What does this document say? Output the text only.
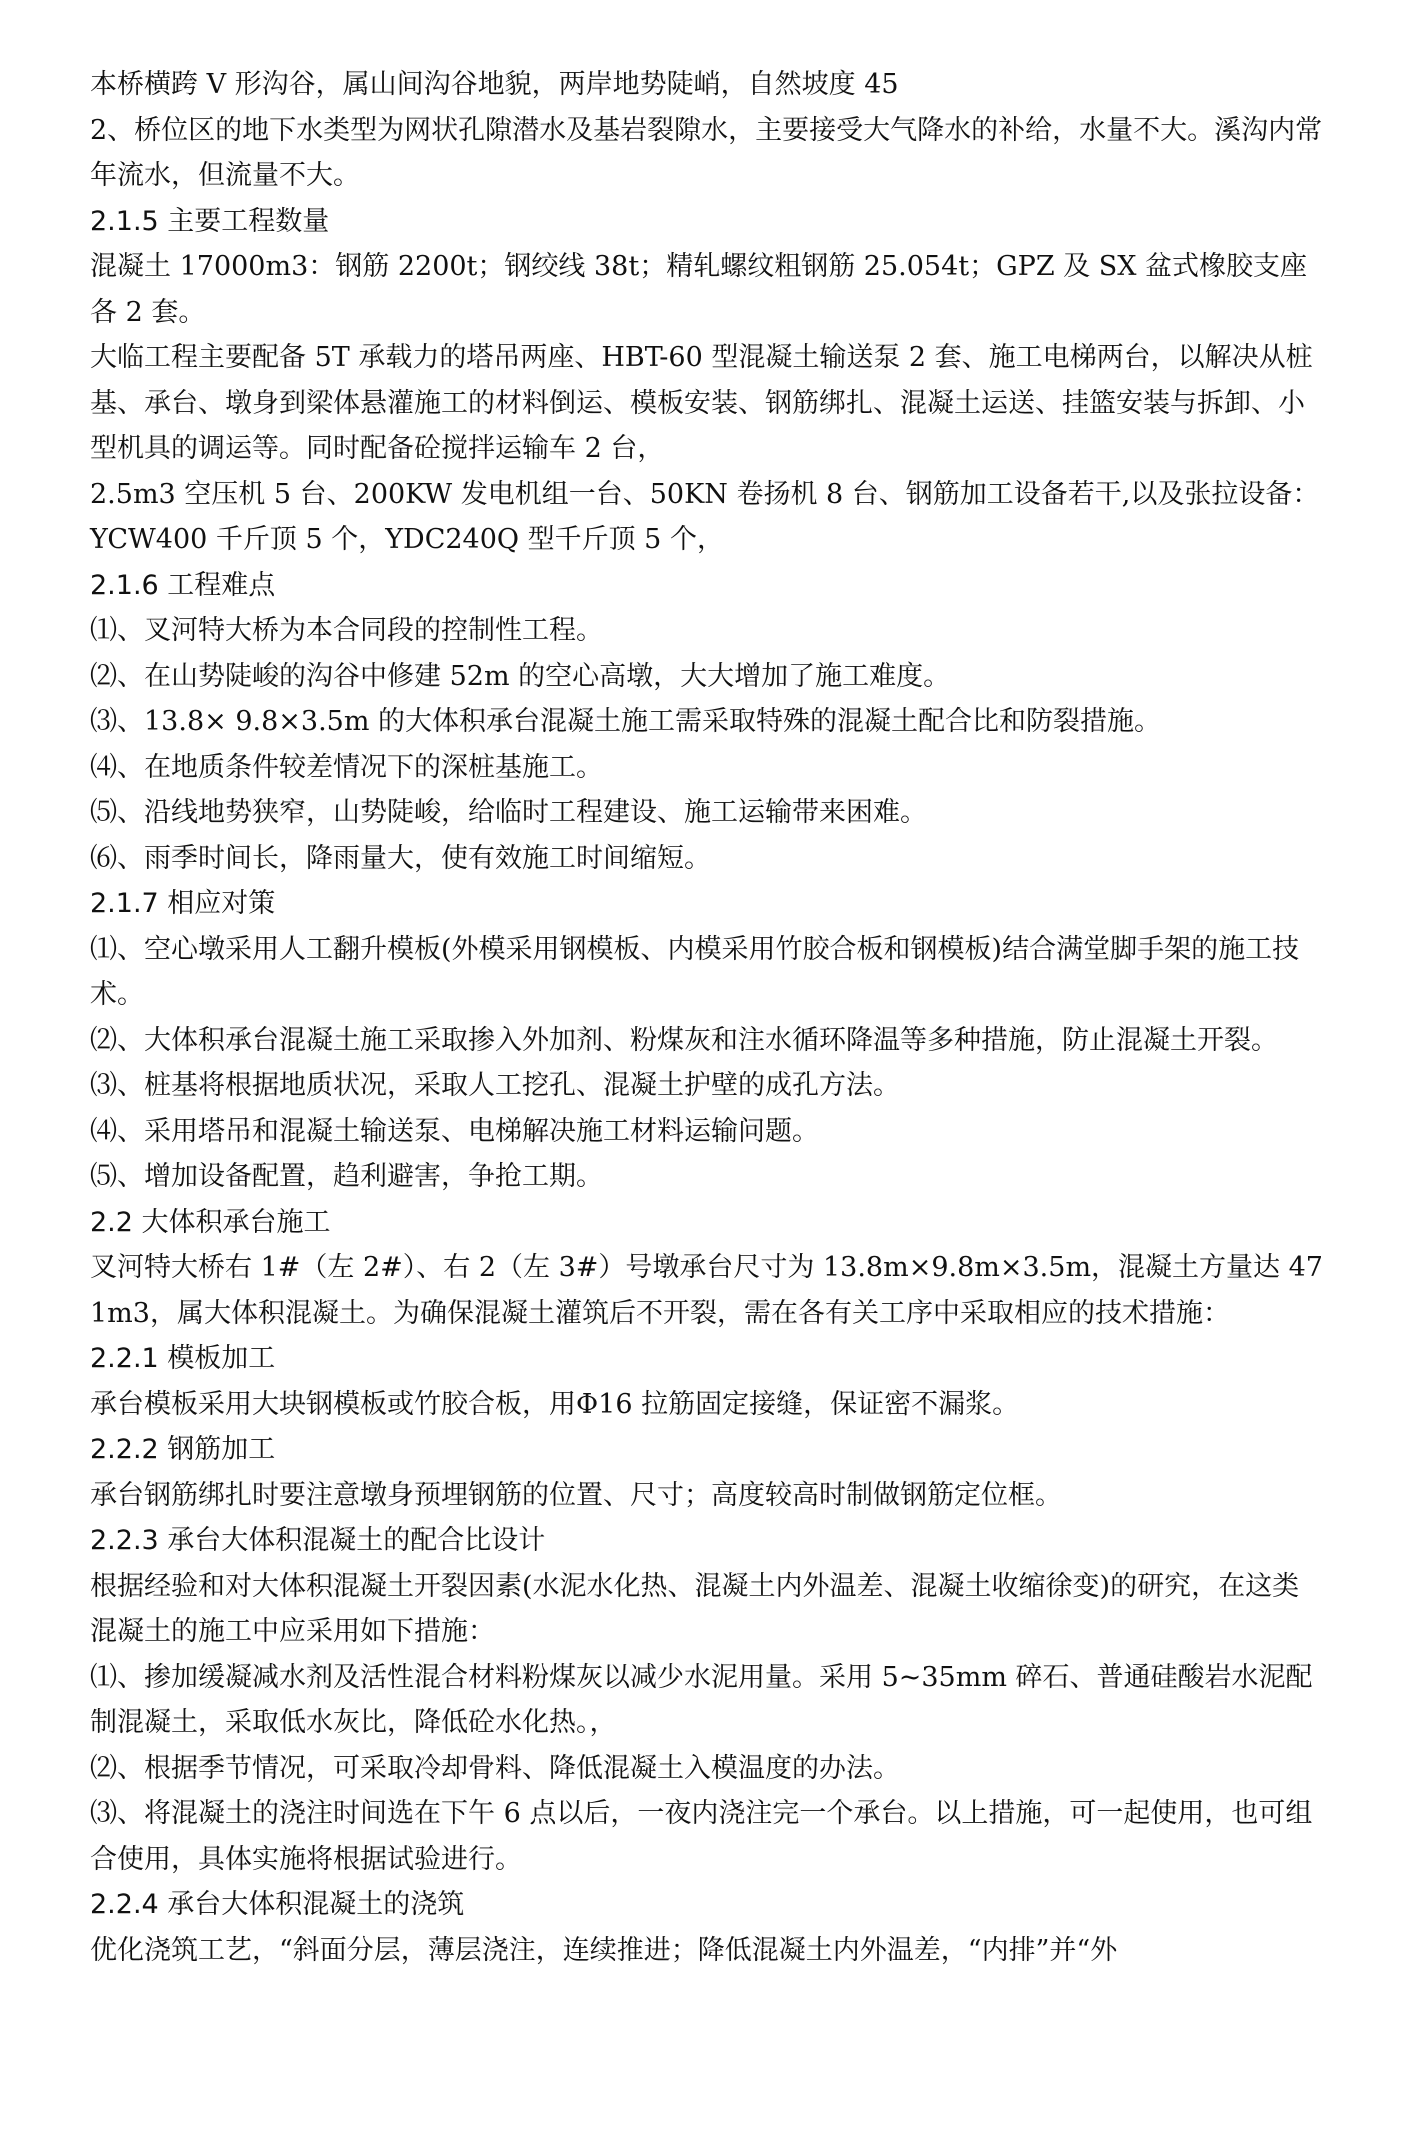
本桥横跨 V 形沟谷，属山间沟谷地貌，两岸地势陡峭，自然坡度 45

2、桥位区的地下水类型为网状孔隙潜水及基岩裂隙水，主要接受大气降水的补给，水量不大。溪沟内常年流水，但流量不大。

2.1.5 主要工程数量

混凝土 17000m3：钢筋 2200t；钢绞线 38t；精轧螺纹粗钢筋 25.054t；GPZ 及 SX 盆式橡胶支座各 2 套。

大临工程主要配备 5T 承载力的塔吊两座、HBT-60 型混凝土输送泵 2 套、施工电梯两台，以解决从桩基、承台、墩身到梁体悬灌施工的材料倒运、模板安装、钢筋绑扎、混凝土运送、挂篮安装与拆卸、小型机具的调运等。同时配备砼搅拌运输车 2 台，

2.5m3 空压机 5 台、200KW 发电机组一台、50KN 卷扬机 8 台、钢筋加工设备若干,以及张拉设备：YCW400 千斤顶 5 个，YDC240Q 型千斤顶 5 个，

2.1.6 工程难点

⑴、叉河特大桥为本合同段的控制性工程。

⑵、在山势陡峻的沟谷中修建 52m 的空心高墩，大大增加了施工难度。

⑶、13.8× 9.8×3.5m 的大体积承台混凝土施工需采取特殊的混凝土配合比和防裂措施。

⑷、在地质条件较差情况下的深桩基施工。

⑸、沿线地势狭窄，山势陡峻，给临时工程建设、施工运输带来困难。

⑹、雨季时间长，降雨量大，使有效施工时间缩短。

2.1.7 相应对策

⑴、空心墩采用人工翻升模板(外模采用钢模板、内模采用竹胶合板和钢模板)结合满堂脚手架的施工技术。

⑵、大体积承台混凝土施工采取掺入外加剂、粉煤灰和注水循环降温等多种措施，防止混凝土开裂。

⑶、桩基将根据地质状况，采取人工挖孔、混凝土护壁的成孔方法。

⑷、采用塔吊和混凝土输送泵、电梯解决施工材料运输问题。

⑸、增加设备配置，趋利避害，争抢工期。

2.2 大体积承台施工

叉河特大桥右 1#（左 2#）、右 2（左 3#）号墩承台尺寸为 13.8m×9.8m×3.5m，混凝土方量达 471m3，属大体积混凝土。为确保混凝土灌筑后不开裂，需在各有关工序中采取相应的技术措施：

2.2.1 模板加工

承台模板采用大块钢模板或竹胶合板，用Φ16 拉筋固定接缝，保证密不漏浆。

2.2.2 钢筋加工

承台钢筋绑扎时要注意墩身预埋钢筋的位置、尺寸；高度较高时制做钢筋定位框。

2.2.3 承台大体积混凝土的配合比设计

根据经验和对大体积混凝土开裂因素(水泥水化热、混凝土内外温差、混凝土收缩徐变)的研究，在这类混凝土的施工中应采用如下措施：

⑴、掺加缓凝减水剂及活性混合材料粉煤灰以减少水泥用量。采用 5~35mm 碎石、普通硅酸岩水泥配制混凝土，采取低水灰比，降低砼水化热。，

⑵、根据季节情况，可采取冷却骨料、降低混凝土入模温度的办法。

⑶、将混凝土的浇注时间选在下午 6 点以后，一夜内浇注完一个承台。以上措施，可一起使用，也可组合使用，具体实施将根据试验进行。

2.2.4 承台大体积混凝土的浇筑

优化浇筑工艺，“斜面分层，薄层浇注，连续推进；降低混凝土内外温差，“内排”并“外
